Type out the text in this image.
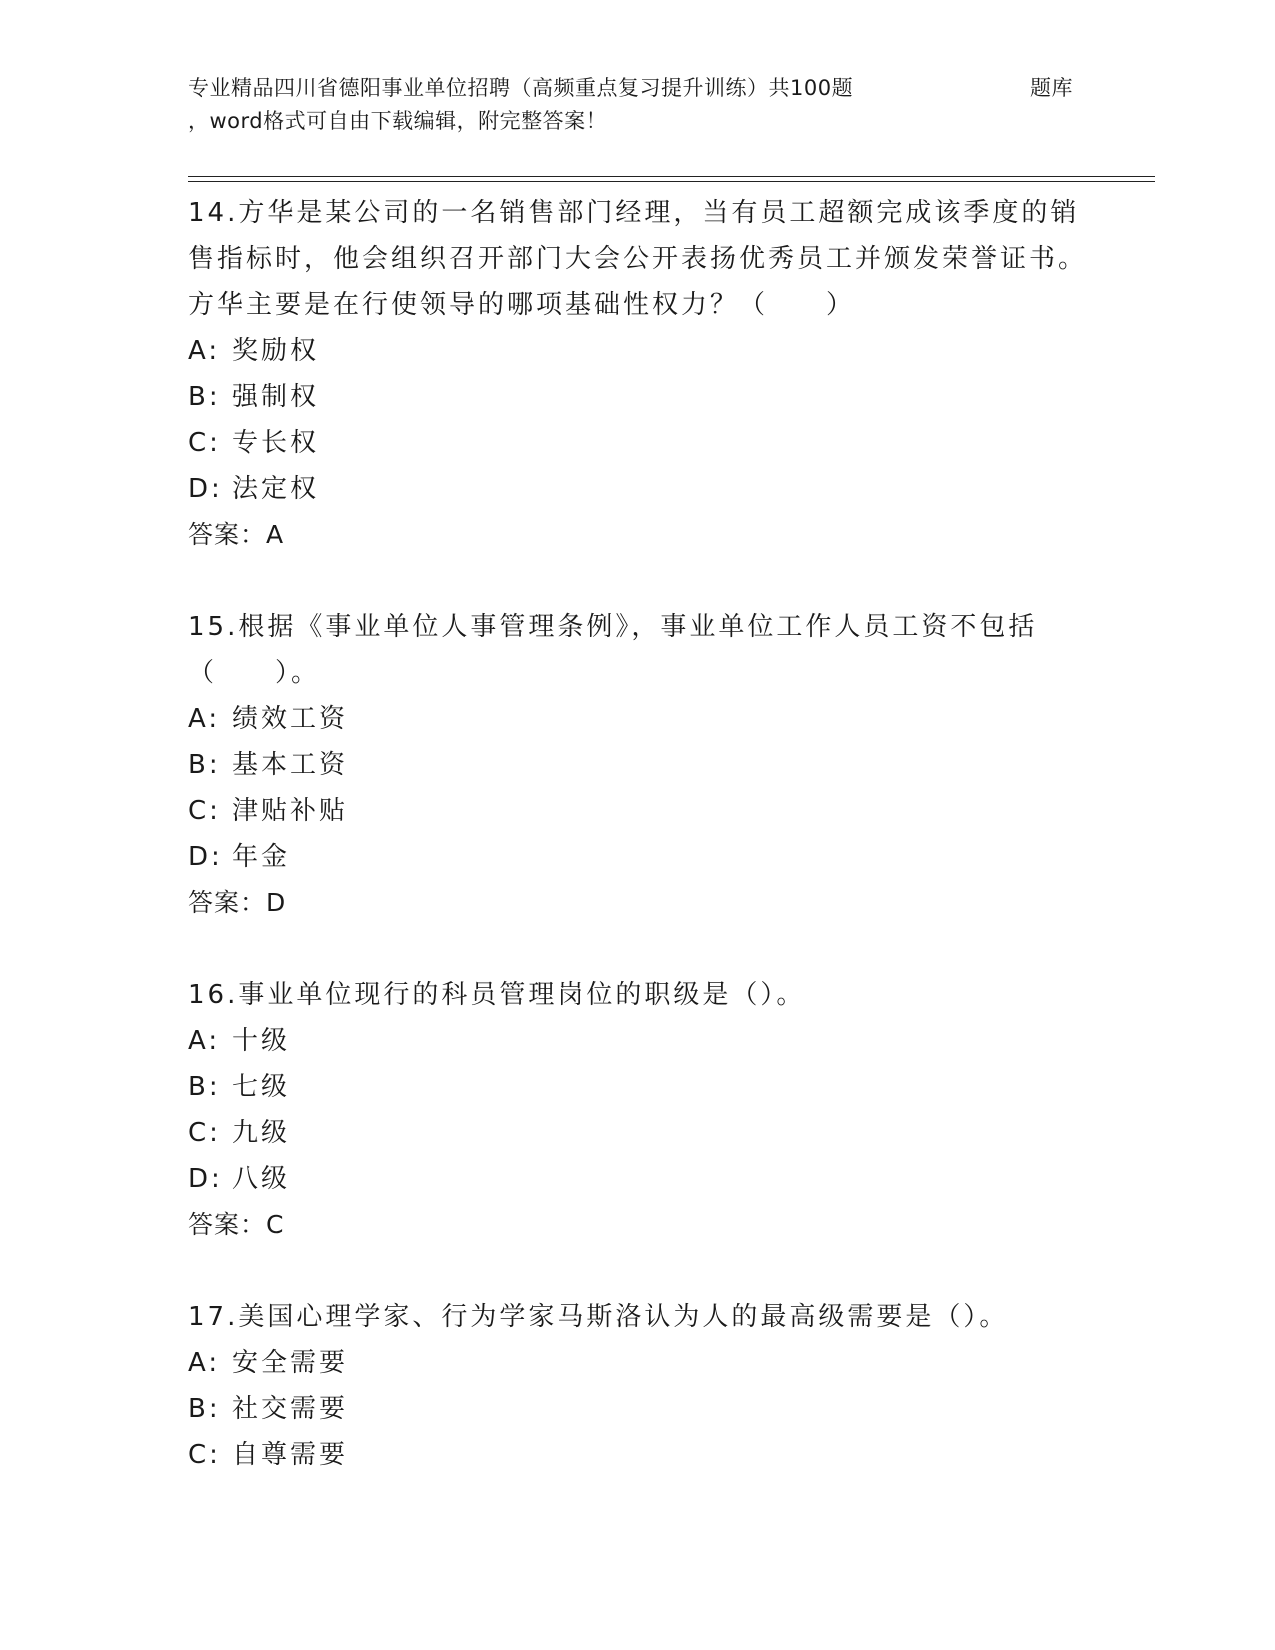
专业精品四川省德阳事业单位招聘（高频重点复习提升训练）共100题	题库
，word格式可自由下载编辑，附完整答案！

14.方华是某公司的一名销售部门经理，当有员工超额完成该季度的销售指标时，他会组织召开部门大会公开表扬优秀员工并颁发荣誉证书。方华主要是在行使领导的哪项基础性权力？（　　）

A: 奖励权
B: 强制权
C: 专长权
D: 法定权
答案：A

15.根据《事业单位人事管理条例》，事业单位工作人员工资不包括（　　）。

A: 绩效工资
B: 基本工资
C: 津贴补贴
D: 年金
答案：D

16.事业单位现行的科员管理岗位的职级是（）。

A: 十级
B: 七级
C: 九级
D: 八级
答案：C

17.美国心理学家、行为学家马斯洛认为人的最高级需要是（）。

A: 安全需要
B: 社交需要
C: 自尊需要
